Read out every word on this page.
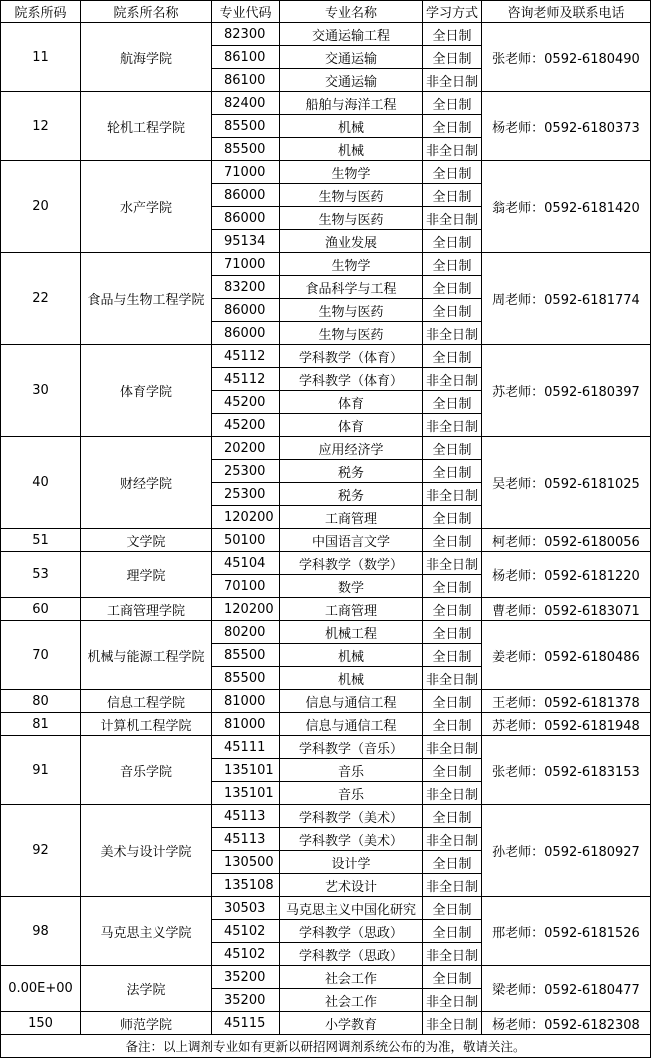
院系所码	院系所名称	专业代码	专业名称	学习方式	咨询老师及联系电话
11	航海学院	82300	交通运输工程	全日制	张老师：0592-6180490
		86100	交通运输	全日制	
		86100	交通运输	非全日制	
12	轮机工程学院	82400	船舶与海洋工程	全日制	杨老师：0592-6180373
		85500	机械	全日制	
		85500	机械	非全日制	
20	水产学院	71000	生物学	全日制	翁老师：0592-6181420
		86000	生物与医药	全日制	
		86000	生物与医药	非全日制	
		95134	渔业发展	全日制	
22	食品与生物工程学院	71000	生物学	全日制	周老师：0592-6181774
		83200	食品科学与工程	全日制	
		86000	生物与医药	全日制	
		86000	生物与医药	非全日制	
30	体育学院	45112	学科教学（体育）	全日制	苏老师：0592-6180397
		45112	学科教学（体育）	非全日制	
		45200	体育	全日制	
		45200	体育	非全日制	
40	财经学院	20200	应用经济学	全日制	吴老师：0592-6181025
		25300	税务	全日制	
		25300	税务	非全日制	
		120200	工商管理	全日制	
51	文学院	50100	中国语言文学	全日制	柯老师：0592-6180056
53	理学院	45104	学科教学（数学）	非全日制	杨老师：0592-6181220
		70100	数学	全日制	
60	工商管理学院	120200	工商管理	全日制	曹老师：0592-6183071
70	机械与能源工程学院	80200	机械工程	全日制	姜老师：0592-6180486
		85500	机械	全日制	
		85500	机械	非全日制	
80	信息工程学院	81000	信息与通信工程	全日制	王老师：0592-6181378
81	计算机工程学院	81000	信息与通信工程	全日制	苏老师：0592-6181948
91	音乐学院	45111	学科教学（音乐）	非全日制	张老师：0592-6183153
		135101	音乐	全日制	
		135101	音乐	非全日制	
92	美术与设计学院	45113	学科教学（美术）	全日制	孙老师：0592-6180927
		45113	学科教学（美术）	非全日制	
		130500	设计学	全日制	
		135108	艺术设计	非全日制	
98	马克思主义学院	30503	马克思主义中国化研究	全日制	邢老师：0592-6181526
		45102	学科教学（思政）	全日制	
		45102	学科教学（思政）	非全日制	
0.00E+00	法学院	35200	社会工作	全日制	梁老师：0592-6180477
		35200	社会工作	非全日制	
150	师范学院	45115	小学教育	非全日制	杨老师：0592-6182308
备注：以上调剂专业如有更新以研招网调剂系统公布的为准，敬请关注。					
